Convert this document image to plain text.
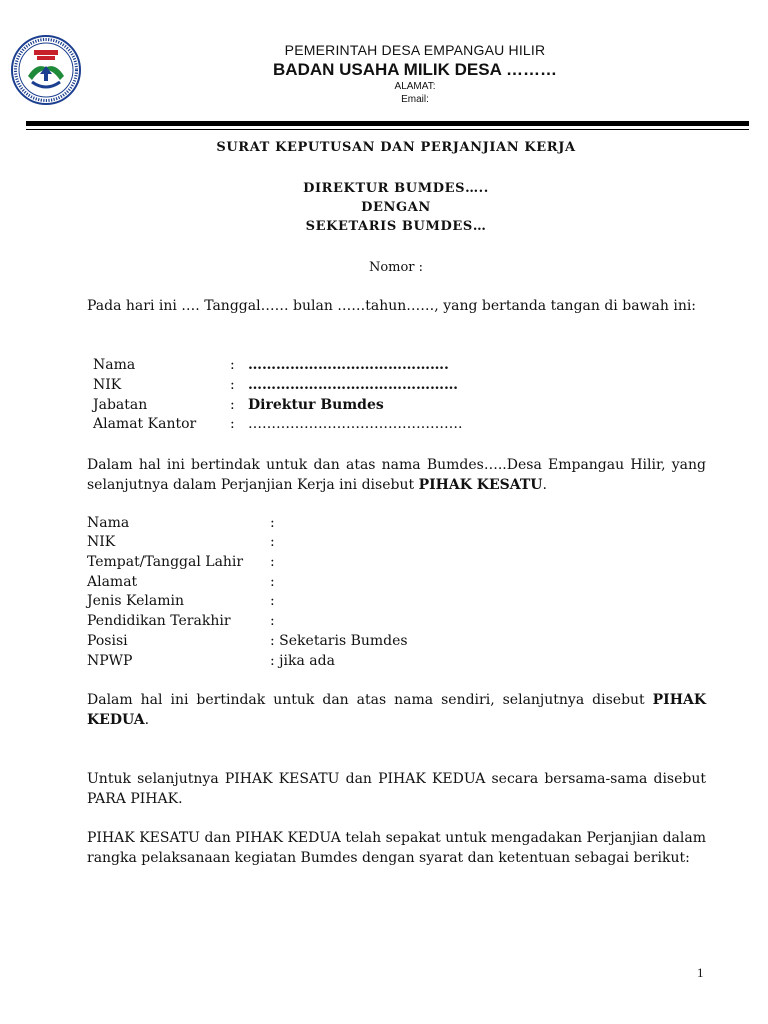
PEMERINTAH DESA EMPANGAU HILIR
BADAN USAHA MILIK DESA ………
ALAMAT:
Email:
SURAT KEPUTUSAN DAN PERJANJIAN KERJA
DIREKTUR BUMDES…..
DENGAN
SEKETARIS BUMDES…
Nomor :
Pada hari ini …. Tanggal…… bulan ……tahun……, yang bertanda tangan di bawah ini:
Nama	: …………………………………….
NIK	: ………………………………………
Jabatan	: Direktur Bumdes
Alamat Kantor : ……………………………………….
Dalam hal ini bertindak untuk dan atas nama Bumdes…..Desa Empangau Hilir, yang selanjutnya dalam Perjanjian Kerja ini disebut PIHAK KESATU.
Nama	:
NIK	:
Tempat/Tanggal Lahir :
Alamat	:
Jenis Kelamin	:
Pendidikan Terakhir	:
Posisi	: Seketaris Bumdes
NPWP	: jika ada
Dalam hal ini bertindak untuk dan atas nama sendiri, selanjutnya disebut PIHAK KEDUA.
Untuk selanjutnya PIHAK KESATU dan PIHAK KEDUA secara bersama-sama disebut PARA PIHAK.
PIHAK KESATU dan PIHAK KEDUA telah sepakat untuk mengadakan Perjanjian dalam rangka pelaksanaan kegiatan Bumdes dengan syarat dan ketentuan sebagai berikut:
1
